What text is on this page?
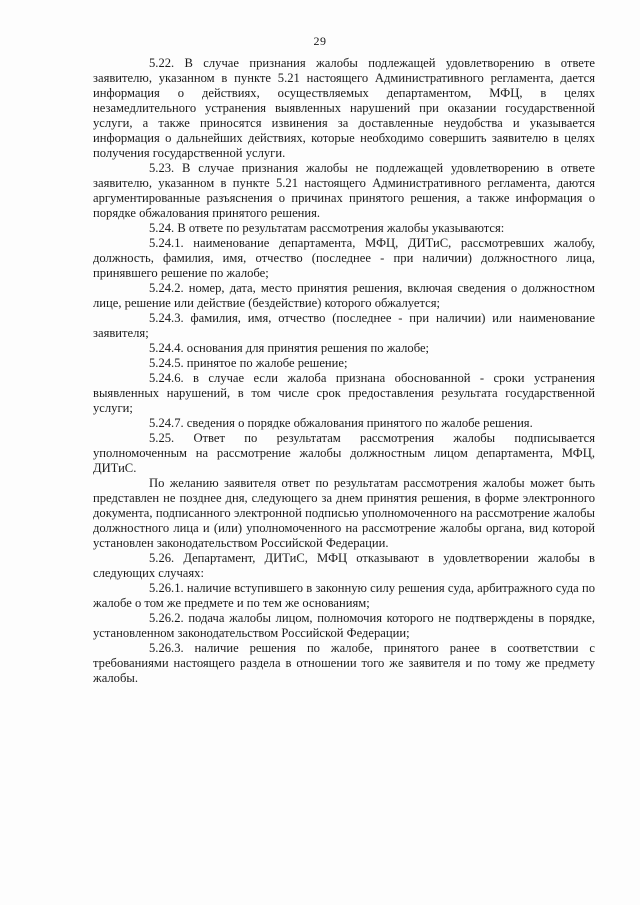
29

5.22. В случае признания жалобы подлежащей удовлетворению в ответе заявителю, указанном в пункте 5.21 настоящего Административного регламента, дается информация о действиях, осуществляемых департаментом, МФЦ, в целях незамедлительного устранения выявленных нарушений при оказании государственной услуги, а также приносятся извинения за доставленные неудобства и указывается информация о дальнейших действиях, которые необходимо совершить заявителю в целях получения государственной услуги.

5.23. В случае признания жалобы не подлежащей удовлетворению в ответе заявителю, указанном в пункте 5.21 настоящего Административного регламента, даются аргументированные разъяснения о причинах принятого решения, а также информация о порядке обжалования принятого решения.

5.24. В ответе по результатам рассмотрения жалобы указываются:

5.24.1. наименование департамента, МФЦ, ДИТиС, рассмотревших жалобу, должность, фамилия, имя, отчество (последнее - при наличии) должностного лица, принявшего решение по жалобе;

5.24.2. номер, дата, место принятия решения, включая сведения о должностном лице, решение или действие (бездействие) которого обжалуется;

5.24.3. фамилия, имя, отчество (последнее - при наличии) или наименование заявителя;

5.24.4. основания для принятия решения по жалобе;

5.24.5. принятое по жалобе решение;

5.24.6. в случае если жалоба признана обоснованной - сроки устранения выявленных нарушений, в том числе срок предоставления результата государственной услуги;

5.24.7. сведения о порядке обжалования принятого по жалобе решения.

5.25. Ответ по результатам рассмотрения жалобы подписывается уполномоченным на рассмотрение жалобы должностным лицом департамента, МФЦ, ДИТиС.

По желанию заявителя ответ по результатам рассмотрения жалобы может быть представлен не позднее дня, следующего за днем принятия решения, в форме электронного документа, подписанного электронной подписью уполномоченного на рассмотрение жалобы должностного лица и (или) уполномоченного на рассмотрение жалобы органа, вид которой установлен законодательством Российской Федерации.

5.26. Департамент, ДИТиС, МФЦ отказывают в удовлетворении жалобы в следующих случаях:

5.26.1. наличие вступившего в законную силу решения суда, арбитражного суда по жалобе о том же предмете и по тем же основаниям;

5.26.2. подача жалобы лицом, полномочия которого не подтверждены в порядке, установленном законодательством Российской Федерации;

5.26.3. наличие решения по жалобе, принятого ранее в соответствии с требованиями настоящего раздела в отношении того же заявителя и по тому же предмету жалобы.
